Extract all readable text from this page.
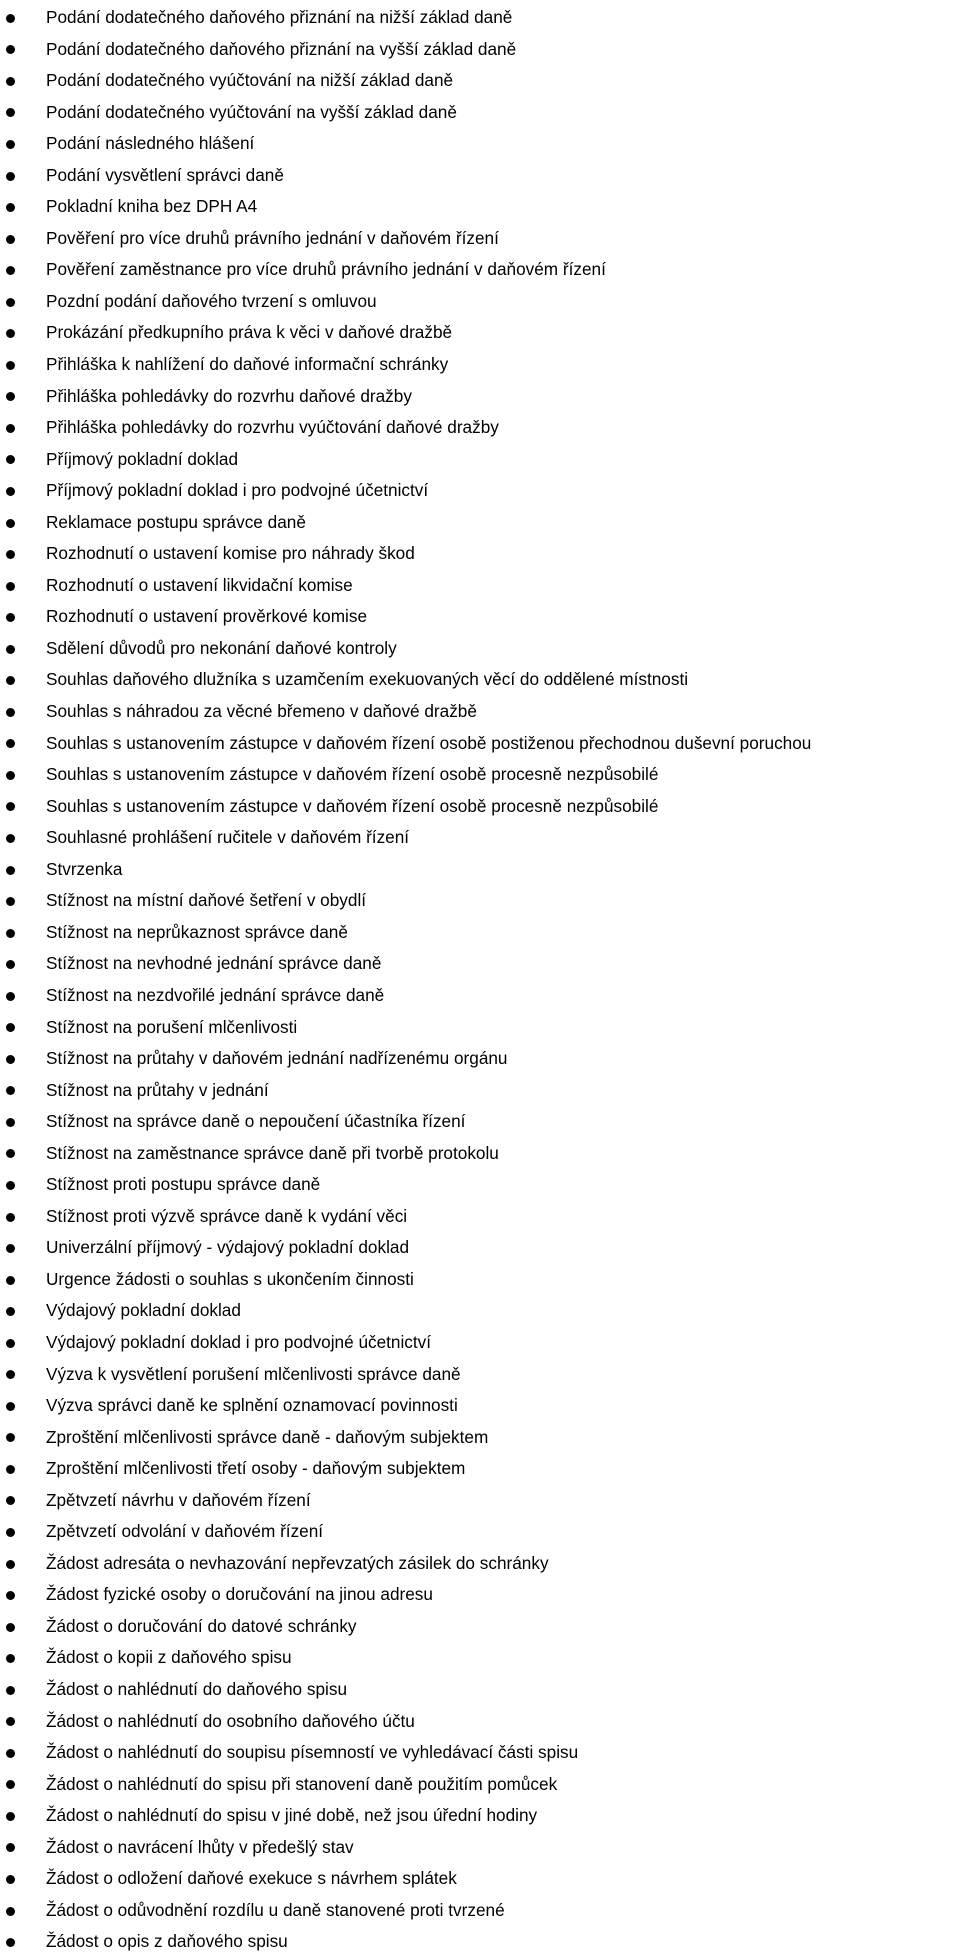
Podání dodatečného daňového přiznání na nižší základ daně
Podání dodatečného daňového přiznání na vyšší základ daně
Podání dodatečného vyúčtování na nižší základ daně
Podání dodatečného vyúčtování na vyšší základ daně
Podání následného hlášení
Podání vysvětlení správci daně
Pokladní kniha bez DPH A4
Pověření pro více druhů právního jednání v daňovém řízení
Pověření zaměstnance pro více druhů právního jednání v daňovém řízení
Pozdní podání daňového tvrzení s omluvou
Prokázání předkupního práva k věci v daňové dražbě
Přihláška k nahlížení do daňové informační schránky
Přihláška pohledávky do rozvrhu daňové dražby
Přihláška pohledávky do rozvrhu vyúčtování daňové dražby
Příjmový pokladní doklad
Příjmový pokladní doklad i pro podvojné účetnictví
Reklamace postupu správce daně
Rozhodnutí o ustavení komise pro náhrady škod
Rozhodnutí o ustavení likvidační komise
Rozhodnutí o ustavení prověrkové komise
Sdělení důvodů pro nekonání daňové kontroly
Souhlas daňového dlužníka s uzamčením exekuovaných věcí do oddělené místnosti
Souhlas s náhradou za věcné břemeno v daňové dražbě
Souhlas s ustanovením zástupce v daňovém řízení osobě postiženou přechodnou duševní poruchou
Souhlas s ustanovením zástupce v daňovém řízení osobě procesně nezpůsobilé
Souhlas s ustanovením zástupce v daňovém řízení osobě procesně nezpůsobilé
Souhlasné prohlášení ručitele v daňovém řízení
Stvrzenka
Stížnost na místní daňové šetření v obydlí
Stížnost na neprůkaznost správce daně
Stížnost na nevhodné jednání správce daně
Stížnost na nezdvořilé jednání správce daně
Stížnost na porušení mlčenlivosti
Stížnost na průtahy v daňovém jednání nadřízenému orgánu
Stížnost na průtahy v jednání
Stížnost na správce daně o nepoučení účastníka řízení
Stížnost na zaměstnance správce daně při tvorbě protokolu
Stížnost proti postupu správce daně
Stížnost proti výzvě správce daně k vydání věci
Univerzální příjmový - výdajový pokladní doklad
Urgence žádosti o souhlas s ukončením činnosti
Výdajový pokladní doklad
Výdajový pokladní doklad i pro podvojné účetnictví
Výzva k vysvětlení porušení mlčenlivosti správce daně
Výzva správci daně ke splnění oznamovací povinnosti
Zproštění mlčenlivosti správce daně - daňovým subjektem
Zproštění mlčenlivosti třetí osoby - daňovým subjektem
Zpětvzetí návrhu v daňovém řízení
Zpětvzetí odvolání v daňovém řízení
Žádost adresáta o nevhazování nepřevzatých zásilek do schránky
Žádost fyzické osoby o doručování na jinou adresu
Žádost o doručování do datové schránky
Žádost o kopii z daňového spisu
Žádost o nahlédnutí do daňového spisu
Žádost o nahlédnutí do osobního daňového účtu
Žádost o nahlédnutí do soupisu písemností ve vyhledávací části spisu
Žádost o nahlédnutí do spisu při stanovení daně použitím pomůcek
Žádost o nahlédnutí do spisu v jiné době, než jsou úřední hodiny
Žádost o navrácení lhůty v předešlý stav
Žádost o odložení daňové exekuce s návrhem splátek
Žádost o odůvodnění rozdílu u daně stanovené proti tvrzené
Žádost o opis z daňového spisu
